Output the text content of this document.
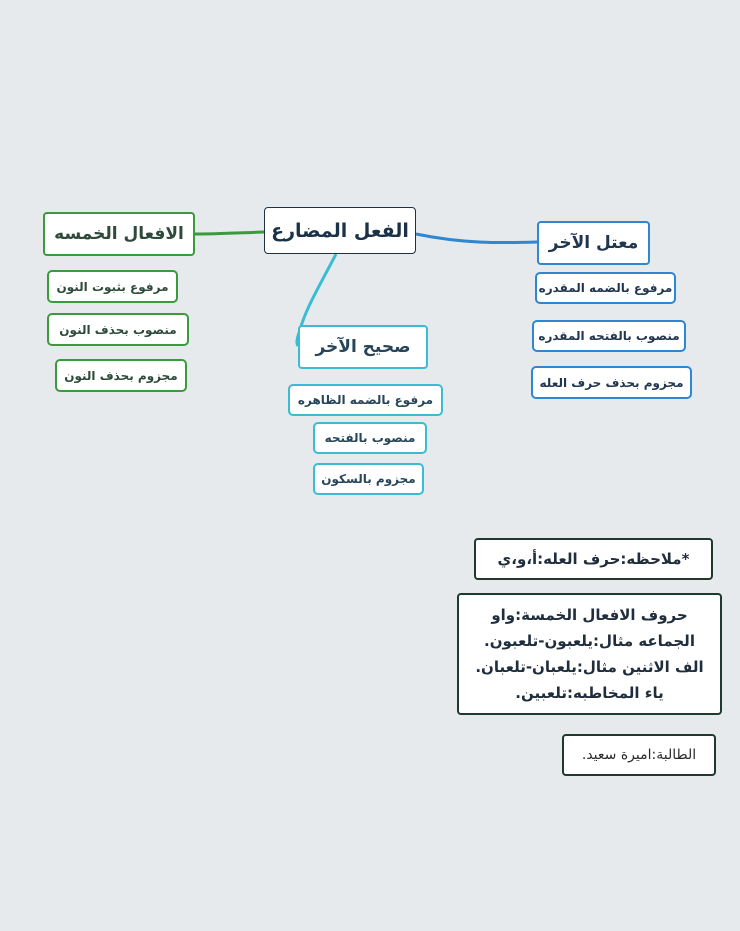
الفعل المضارع
الافعال الخمسه
مرفوع بثبوت النون
منصوب بحذف النون
مجزوم بحذف النون
صحيح الآخر
مرفوع بالضمه الظاهره
منصوب بالفتحه
مجزوم بالسكون
معتل الآخر
مرفوع بالضمه المقدره
منصوب بالفتحه المقدره
مجزوم بحذف حرف العله
*ملاحظه:حرف العله:أ،و،ي
حروف الافعال الخمسة:واو
الجماعه مثال:يلعبون-تلعبون.
الف الاثنين مثال:يلعبان-تلعبان.
ياء المخاطبه:تلعبين.
الطالبة:اميرة سعيد.
